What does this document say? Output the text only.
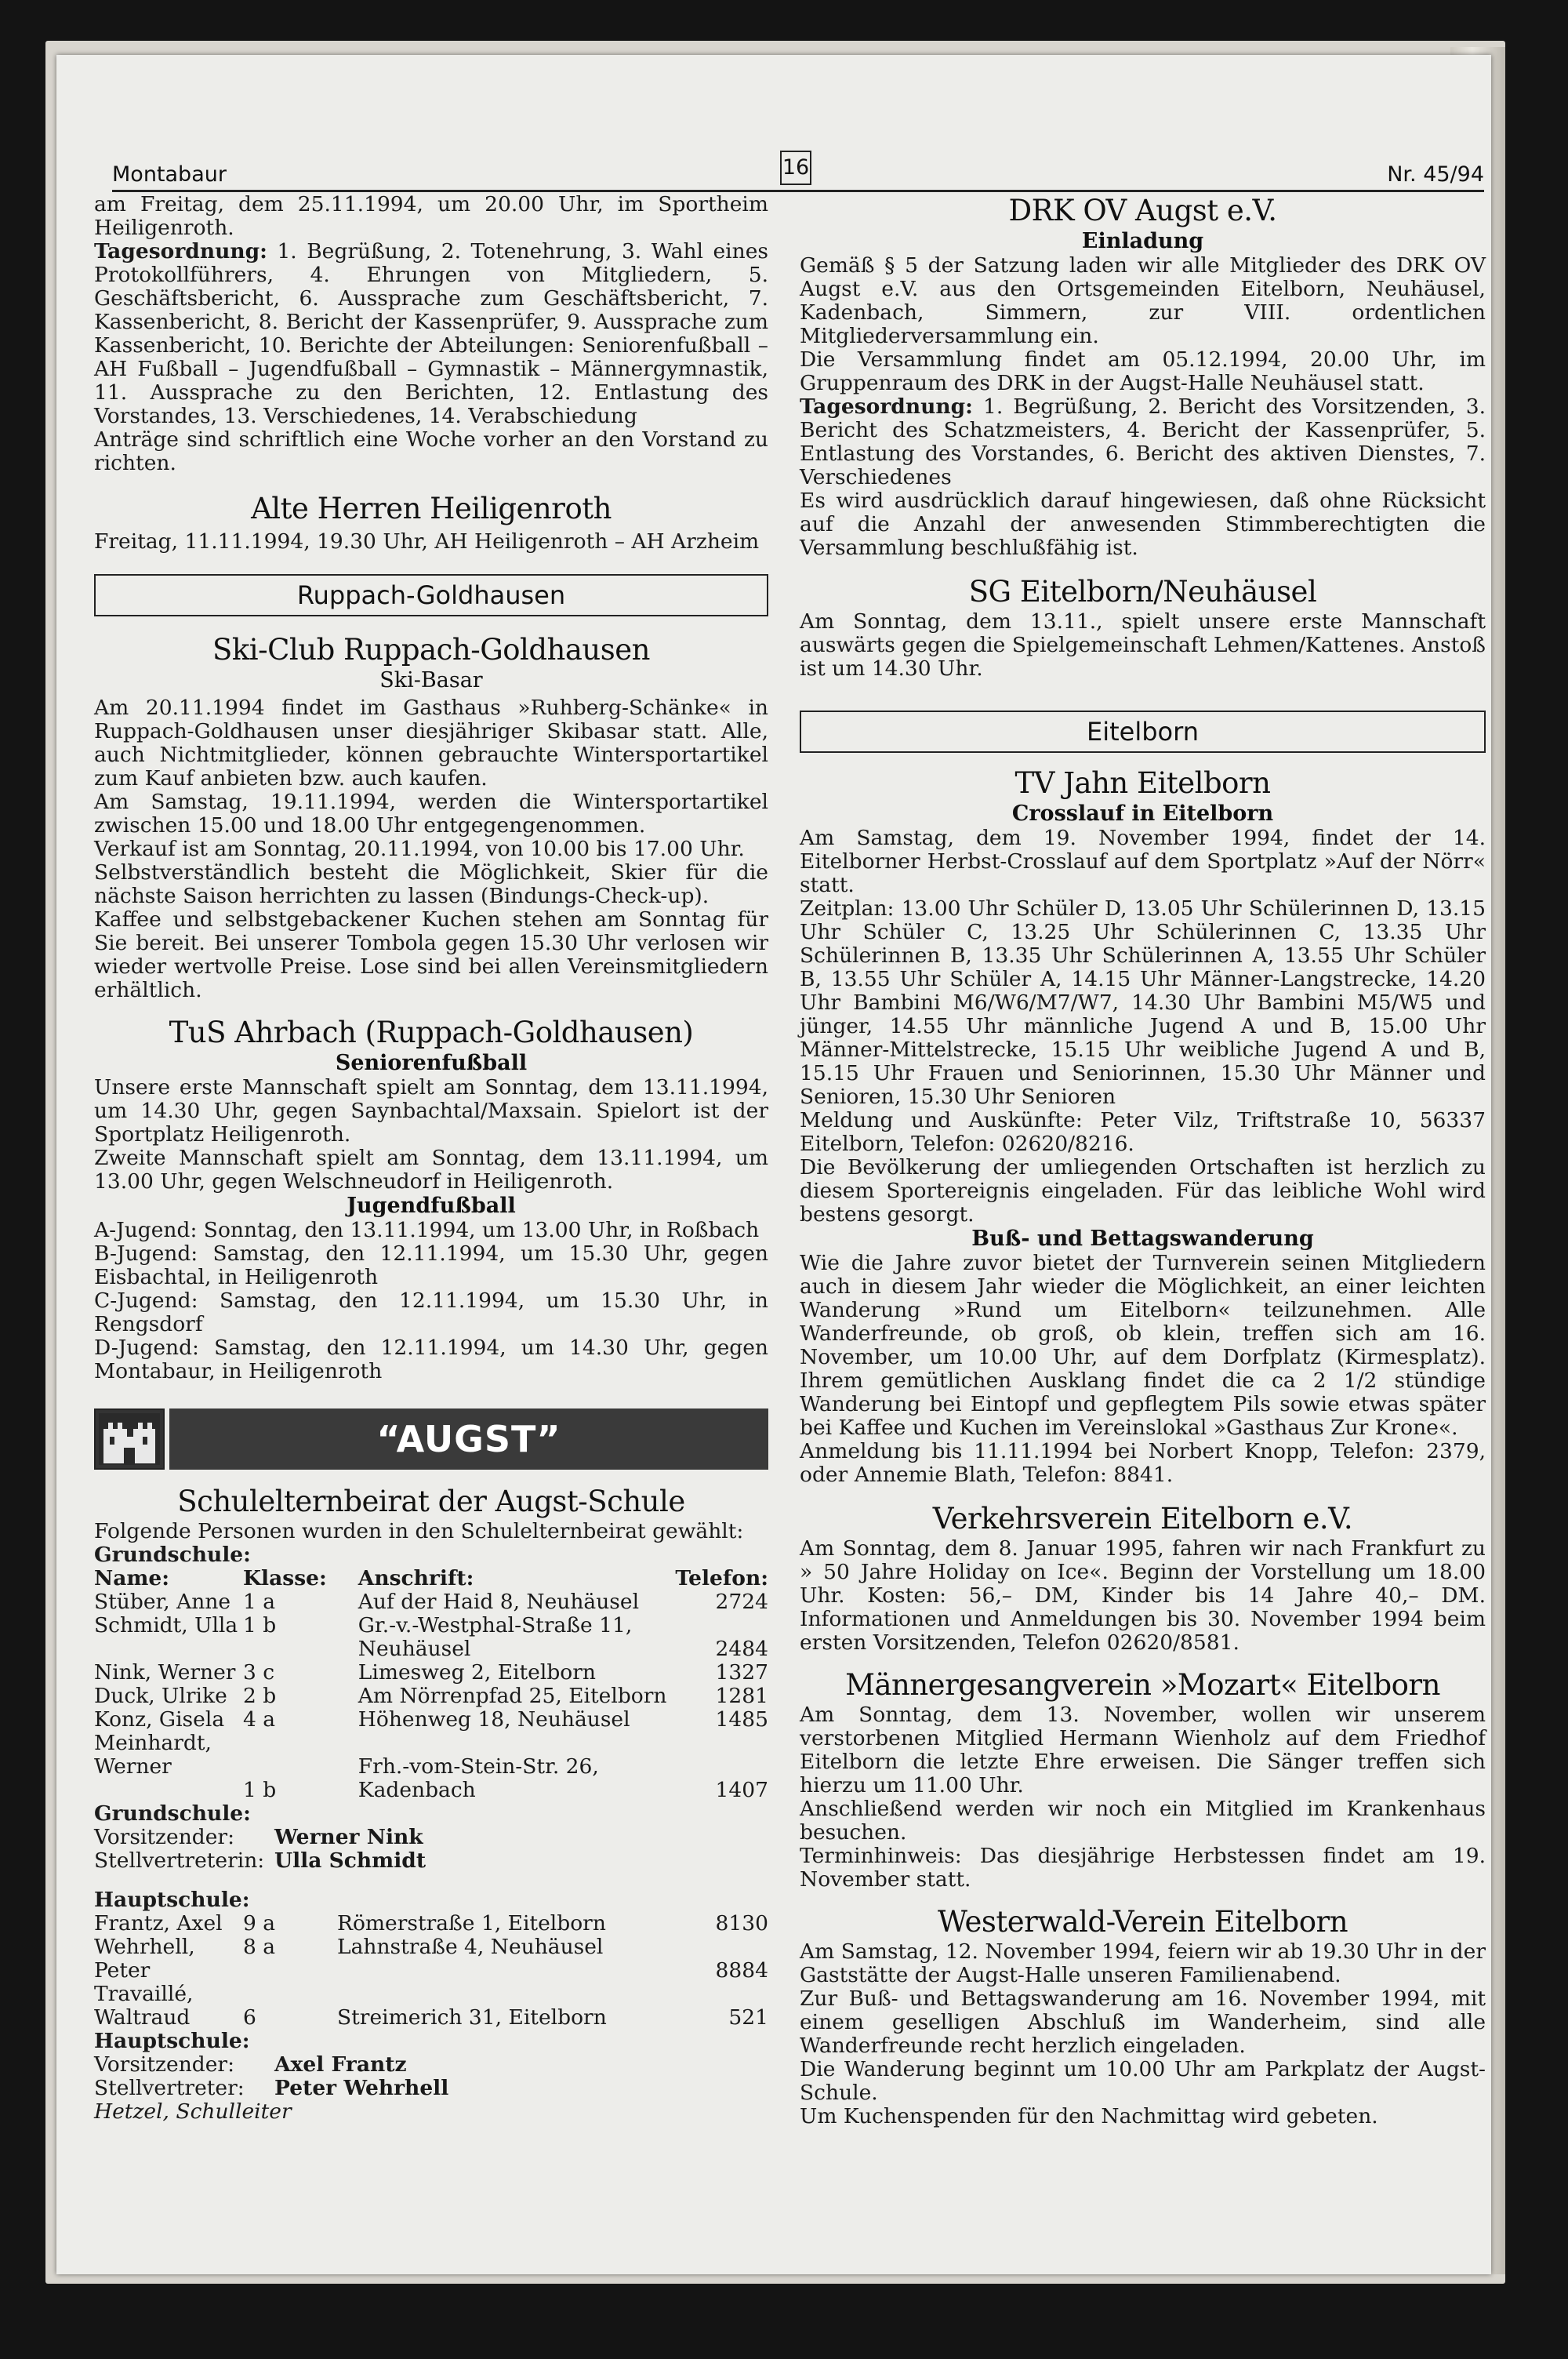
Montabaur	16	Nr. 45/94

am Freitag, dem 25.11.1994, um 20.00 Uhr, im Sportheim Heiligenroth.

Tagesordnung: 1. Begrüßung, 2. Totenehrung, 3. Wahl eines Protokollführers, 4. Ehrungen von Mitgliedern, 5. Geschäftsbericht, 6. Aussprache zum Geschäftsbericht, 7. Kassenbericht, 8. Bericht der Kassenprüfer, 9. Aussprache zum Kassenbericht, 10. Berichte der Abteilungen: Seniorenfußball – AH Fußball – Jugendfußball – Gymnastik – Männergymnastik, 11. Aussprache zu den Berichten, 12. Entlastung des Vorstandes, 13. Verschiedenes, 14. Verabschiedung

Anträge sind schriftlich eine Woche vorher an den Vorstand zu richten.

Alte Herren Heiligenroth

Freitag, 11.11.1994, 19.30 Uhr, AH Heiligenroth – AH Arzheim

Ruppach-Goldhausen
Ski-Club Ruppach-Goldhausen
Ski-Basar

Am 20.11.1994 findet im Gasthaus »Ruhberg-Schänke« in Ruppach-Goldhausen unser diesjähriger Skibasar statt. Alle, auch Nichtmitglieder, können gebrauchte Wintersportartikel zum Kauf anbieten bzw. auch kaufen.

Am Samstag, 19.11.1994, werden die Wintersportartikel zwischen 15.00 und 18.00 Uhr entgegengenommen.

Verkauf ist am Sonntag, 20.11.1994, von 10.00 bis 17.00 Uhr.

Selbstverständlich besteht die Möglichkeit, Skier für die nächste Saison herrichten zu lassen (Bindungs-Check-up).

Kaffee und selbstgebackener Kuchen stehen am Sonntag für Sie bereit. Bei unserer Tombola gegen 15.30 Uhr verlosen wir wieder wertvolle Preise. Lose sind bei allen Vereinsmitgliedern erhältlich.

TuS Ahrbach (Ruppach-Goldhausen)
Seniorenfußball

Unsere erste Mannschaft spielt am Sonntag, dem 13.11.1994, um 14.30 Uhr, gegen Saynbachtal/Maxsain. Spielort ist der Sportplatz Heiligenroth.

Zweite Mannschaft spielt am Sonntag, dem 13.11.1994, um 13.00 Uhr, gegen Welschneudorf in Heiligenroth.

Jugendfußball

A-Jugend: Sonntag, den 13.11.1994, um 13.00 Uhr, in Roßbach

B-Jugend: Samstag, den 12.11.1994, um 15.30 Uhr, gegen Eisbachtal, in Heiligenroth

C-Jugend: Samstag, den 12.11.1994, um 15.30 Uhr, in Rengsdorf

D-Jugend: Samstag, den 12.11.1994, um 14.30 Uhr, gegen Montabaur, in Heiligenroth

“AUGST”
Schulelternbeirat der Augst-Schule

Folgende Personen wurden in den Schulelternbeirat gewählt:

Grundschule:

Name:	Klasse:	Anschrift:	Telefon:
Stüber, Anne	1 a	Auf der Haid 8, Neuhäusel	2724
Schmidt, Ulla	1 b	Gr.-v.-Westphal-Straße 11, Neuhäusel	2484
Nink, Werner	3 c	Limesweg 2, Eitelborn	1327
Duck, Ulrike	2 b	Am Nörrenpfad 25, Eitelborn	1281
Konz, Gisela	4 a	Höhenweg 18, Neuhäusel	1485
Meinhardt, Werner	1 b	Frh.-vom-Stein-Str. 26, Kadenbach	1407

Grundschule:

Vorsitzender: Werner Nink

Stellvertreterin: Ulla Schmidt

Hauptschule:

Frantz, Axel	9 a	Römerstraße 1, Eitelborn	8130
Wehrhell, Peter	8 a	Lahnstraße 4, Neuhäusel	8884
Travaillé, Waltraud	6	Streimerich 31, Eitelborn	521

Hauptschule:

Vorsitzender: Axel Frantz

Stellvertreter: Peter Wehrhell

Hetzel, Schulleiter

DRK OV Augst e.V.
Einladung

Gemäß § 5 der Satzung laden wir alle Mitglieder des DRK OV Augst e.V. aus den Ortsgemeinden Eitelborn, Neuhäusel, Kadenbach, Simmern, zur VIII. ordentlichen Mitgliederversammlung ein.

Die Versammlung findet am 05.12.1994, 20.00 Uhr, im Gruppenraum des DRK in der Augst-Halle Neuhäusel statt.

Tagesordnung: 1. Begrüßung, 2. Bericht des Vorsitzenden, 3. Bericht des Schatzmeisters, 4. Bericht der Kassenprüfer, 5. Entlastung des Vorstandes, 6. Bericht des aktiven Dienstes, 7. Verschiedenes

Es wird ausdrücklich darauf hingewiesen, daß ohne Rücksicht auf die Anzahl der anwesenden Stimmberechtigten die Versammlung beschlußfähig ist.

SG Eitelborn/Neuhäusel

Am Sonntag, dem 13.11., spielt unsere erste Mannschaft auswärts gegen die Spielgemeinschaft Lehmen/Kattenes. Anstoß ist um 14.30 Uhr.

Eitelborn
TV Jahn Eitelborn
Crosslauf in Eitelborn

Am Samstag, dem 19. November 1994, findet der 14. Eitelborner Herbst-Crosslauf auf dem Sportplatz »Auf der Nörr« statt.

Zeitplan: 13.00 Uhr Schüler D, 13.05 Uhr Schülerinnen D, 13.15 Uhr Schüler C, 13.25 Uhr Schülerinnen C, 13.35 Uhr Schülerinnen B, 13.35 Uhr Schülerinnen A, 13.55 Uhr Schüler B, 13.55 Uhr Schüler A, 14.15 Uhr Männer-Langstrecke, 14.20 Uhr Bambini M6/W6/M7/W7, 14.30 Uhr Bambini M5/W5 und jünger, 14.55 Uhr männliche Jugend A und B, 15.00 Uhr Männer-Mittelstrecke, 15.15 Uhr weibliche Jugend A und B, 15.15 Uhr Frauen und Seniorinnen, 15.30 Uhr Männer und Senioren, 15.30 Uhr Senioren

Meldung und Auskünfte: Peter Vilz, Triftstraße 10, 56337 Eitelborn, Telefon: 02620/8216.

Die Bevölkerung der umliegenden Ortschaften ist herzlich zu diesem Sportereignis eingeladen. Für das leibliche Wohl wird bestens gesorgt.

Buß- und Bettagswanderung

Wie die Jahre zuvor bietet der Turnverein seinen Mitgliedern auch in diesem Jahr wieder die Möglichkeit, an einer leichten Wanderung »Rund um Eitelborn« teilzunehmen. Alle Wanderfreunde, ob groß, ob klein, treffen sich am 16. November, um 10.00 Uhr, auf dem Dorfplatz (Kirmesplatz). Ihrem gemütlichen Ausklang findet die ca 2 1/2 stündige Wanderung bei Eintopf und gepflegtem Pils sowie etwas später bei Kaffee und Kuchen im Vereinslokal »Gasthaus Zur Krone«.

Anmeldung bis 11.11.1994 bei Norbert Knopp, Telefon: 2379, oder Annemie Blath, Telefon: 8841.

Verkehrsverein Eitelborn e.V.

Am Sonntag, dem 8. Januar 1995, fahren wir nach Frankfurt zu » 50 Jahre Holiday on Ice«. Beginn der Vorstellung um 18.00 Uhr. Kosten: 56,– DM, Kinder bis 14 Jahre 40,– DM. Informationen und Anmeldungen bis 30. November 1994 beim ersten Vorsitzenden, Telefon 02620/8581.

Männergesangverein »Mozart« Eitelborn

Am Sonntag, dem 13. November, wollen wir unserem verstorbenen Mitglied Hermann Wienholz auf dem Friedhof Eitelborn die letzte Ehre erweisen. Die Sänger treffen sich hierzu um 11.00 Uhr.

Anschließend werden wir noch ein Mitglied im Krankenhaus besuchen.

Terminhinweis: Das diesjährige Herbstessen findet am 19. November statt.

Westerwald-Verein Eitelborn

Am Samstag, 12. November 1994, feiern wir ab 19.30 Uhr in der Gaststätte der Augst-Halle unseren Familienabend.

Zur Buß- und Bettagswanderung am 16. November 1994, mit einem geselligen Abschluß im Wanderheim, sind alle Wanderfreunde recht herzlich eingeladen.

Die Wanderung beginnt um 10.00 Uhr am Parkplatz der Augst-Schule.

Um Kuchenspenden für den Nachmittag wird gebeten.
